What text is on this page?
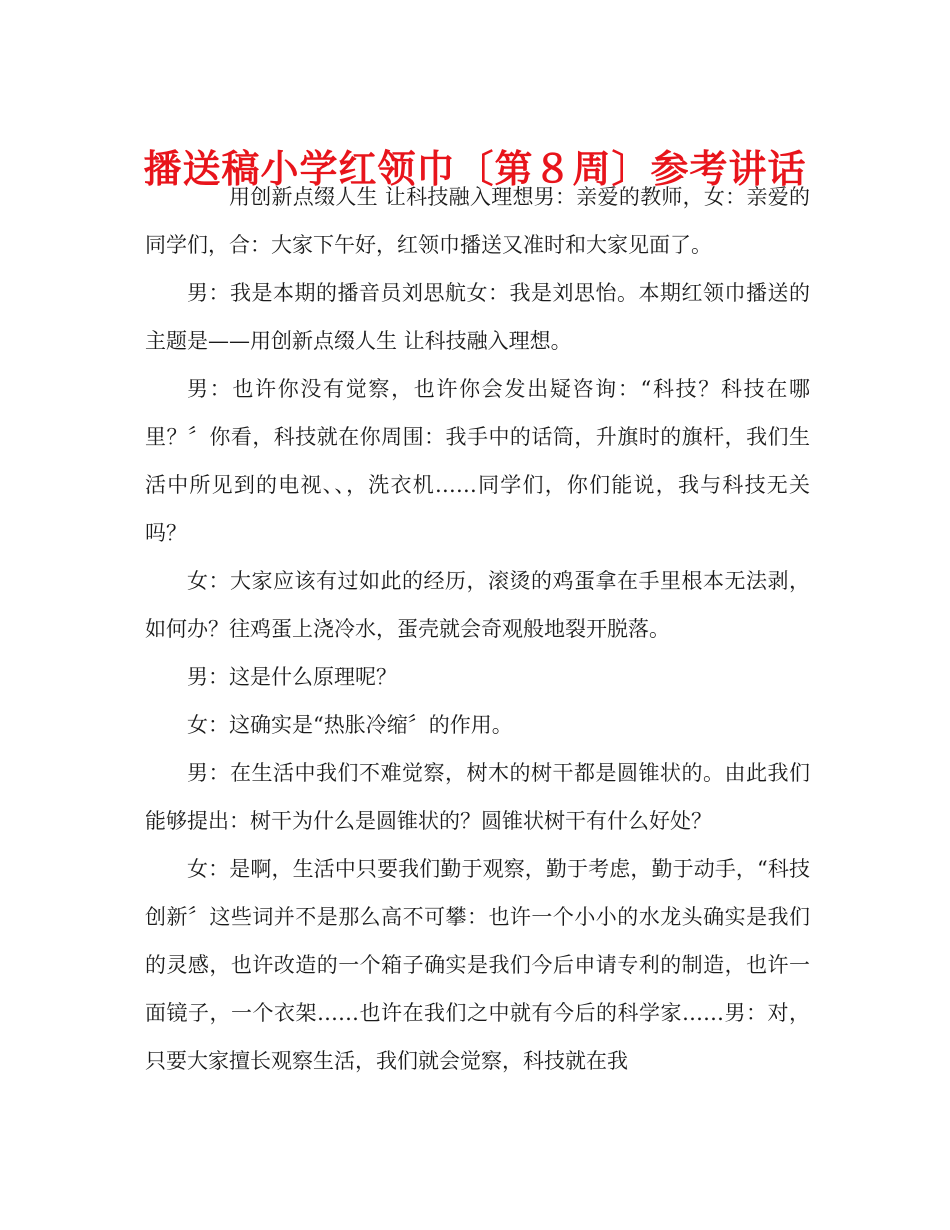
播送稿小学红领巾〔第８周〕参考讲话

用创新点缀人生 让科技融入理想男：亲爱的教师，女：亲爱的同学们，合：大家下午好，红领巾播送又准时和大家见面了。

男：我是本期的播音员刘思航女：我是刘思怡。本期红领巾播送的主题是——用创新点缀人生 让科技融入理想。

男：也许你没有觉察，也许你会发出疑咨询：“科技？科技在哪里？〞你看，科技就在你周围：我手中的话筒，升旗时的旗杆，我们生活中所见到的电视、、，洗衣机……同学们，你们能说，我与科技无关吗？

女：大家应该有过如此的经历，滚烫的鸡蛋拿在手里根本无法剥，如何办？往鸡蛋上浇冷水，蛋壳就会奇观般地裂开脱落。

男：这是什么原理呢？

女：这确实是“热胀冷缩〞的作用。

男：在生活中我们不难觉察，树木的树干都是圆锥状的。由此我们能够提出：树干为什么是圆锥状的？圆锥状树干有什么好处？

女：是啊，生活中只要我们勤于观察，勤于考虑，勤于动手，“科技 创新〞这些词并不是那么高不可攀：也许一个小小的水龙头确实是我们的灵感，也许改造的一个箱子确实是我们今后申请专利的制造，也许一面镜子，一个衣架……也许在我们之中就有今后的科学家……男：对，只要大家擅长观察生活，我们就会觉察，科技就在我
